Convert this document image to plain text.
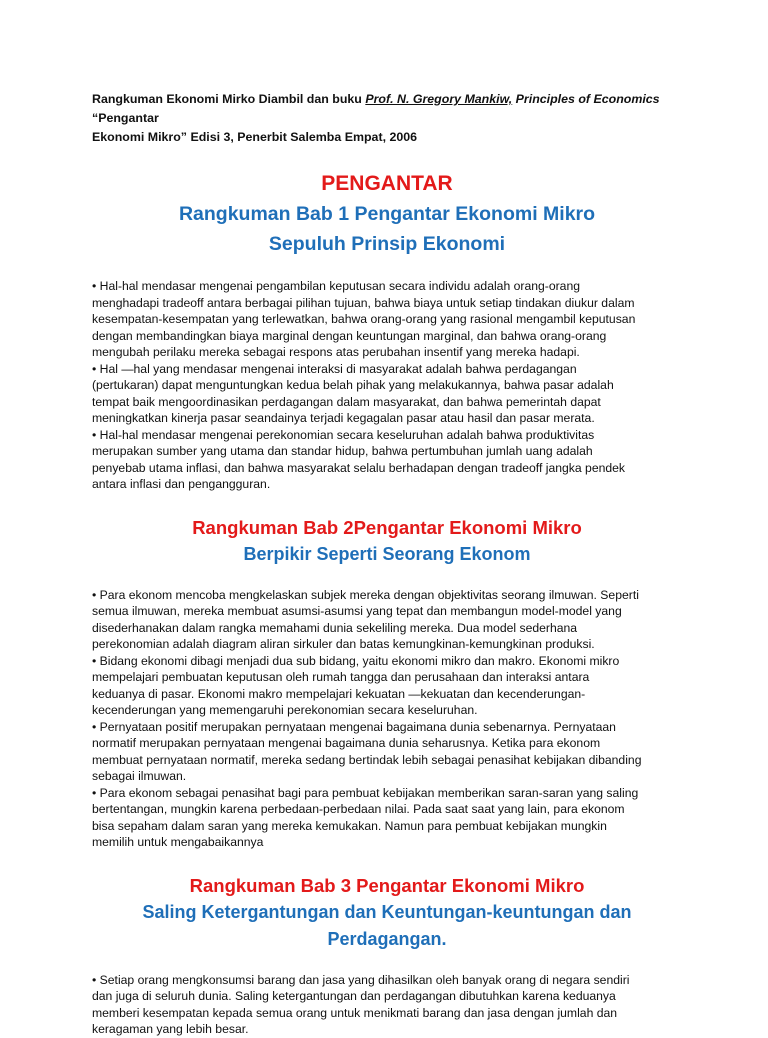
Rangkuman Ekonomi Mirko Diambil dan buku Prof. N. Gregory Mankiw, Principles of Economics “Pengantar
Ekonomi Mikro” Edisi 3, Penerbit Salemba Empat, 2006

PENGANTAR
Rangkuman Bab 1 Pengantar Ekonomi Mikro
Sepuluh Prinsip Ekonomi
• Hal-hal mendasar mengenai pengambilan keputusan secara individu adalah orang-orang
menghadapi tradeoff antara berbagai pilihan tujuan, bahwa biaya untuk setiap tindakan diukur dalam
kesempatan-kesempatan yang terlewatkan, bahwa orang-orang yang rasional mengambil keputusan
dengan membandingkan biaya marginal dengan keuntungan marginal, dan bahwa orang-orang
mengubah perilaku mereka sebagai respons atas perubahan insentif yang mereka hadapi.
• Hal —hal yang mendasar mengenai interaksi di masyarakat adalah bahwa perdagangan
(pertukaran) dapat menguntungkan kedua belah pihak yang melakukannya, bahwa pasar adalah
tempat baik mengoordinasikan perdagangan dalam masyarakat, dan bahwa pemerintah dapat
meningkatkan kinerja pasar seandainya terjadi kegagalan pasar atau hasil dan pasar merata.
• Hal-hal mendasar mengenai perekonomian secara keseluruhan adalah bahwa produktivitas
merupakan sumber yang utama dan standar hidup, bahwa pertumbuhan jumlah uang adalah
penyebab utama inflasi, dan bahwa masyarakat selalu berhadapan dengan tradeoff jangka pendek
antara inflasi dan pengangguran.
Rangkuman Bab 2Pengantar Ekonomi Mikro
Berpikir Seperti Seorang Ekonom
• Para ekonom mencoba mengkelaskan subjek mereka dengan objektivitas seorang ilmuwan. Seperti
semua ilmuwan, mereka membuat asumsi-asumsi yang tepat dan membangun model-model yang
disederhanakan dalam rangka memahami dunia sekeliling mereka. Dua model sederhana
perekonomian adalah diagram aliran sirkuler dan batas kemungkinan-kemungkinan produksi.
• Bidang ekonomi dibagi menjadi dua sub bidang, yaitu ekonomi mikro dan makro. Ekonomi mikro
mempelajari pembuatan keputusan oleh rumah tangga dan perusahaan dan interaksi antara
keduanya di pasar. Ekonomi makro mempelajari kekuatan —kekuatan dan kecenderungan-
kecenderungan yang memengaruhi perekonomian secara keseluruhan.
• Pernyataan positif merupakan pernyataan mengenai bagaimana dunia sebenarnya. Pernyataan
normatif merupakan pernyataan mengenai bagaimana dunia seharusnya. Ketika para ekonom
membuat pernyataan normatif, mereka sedang bertindak lebih sebagai penasihat kebijakan dibanding
sebagai ilmuwan.
• Para ekonom sebagai penasihat bagi para pembuat kebijakan memberikan saran-saran yang saling
bertentangan, mungkin karena perbedaan-perbedaan nilai. Pada saat saat yang lain, para ekonom
bisa sepaham dalam saran yang mereka kemukakan. Namun para pembuat kebijakan mungkin
memilih untuk mengabaikannya
Rangkuman Bab 3 Pengantar Ekonomi Mikro
Saling Ketergantungan dan Keuntungan-keuntungan dan
Perdagangan.
• Setiap orang mengkonsumsi barang dan jasa yang dihasilkan oleh banyak orang di negara sendiri
dan juga di seluruh dunia. Saling ketergantungan dan perdagangan dibutuhkan karena keduanya
memberi kesempatan kepada semua orang untuk menikmati barang dan jasa dengan jumlah dan
keragaman yang lebih besar.
